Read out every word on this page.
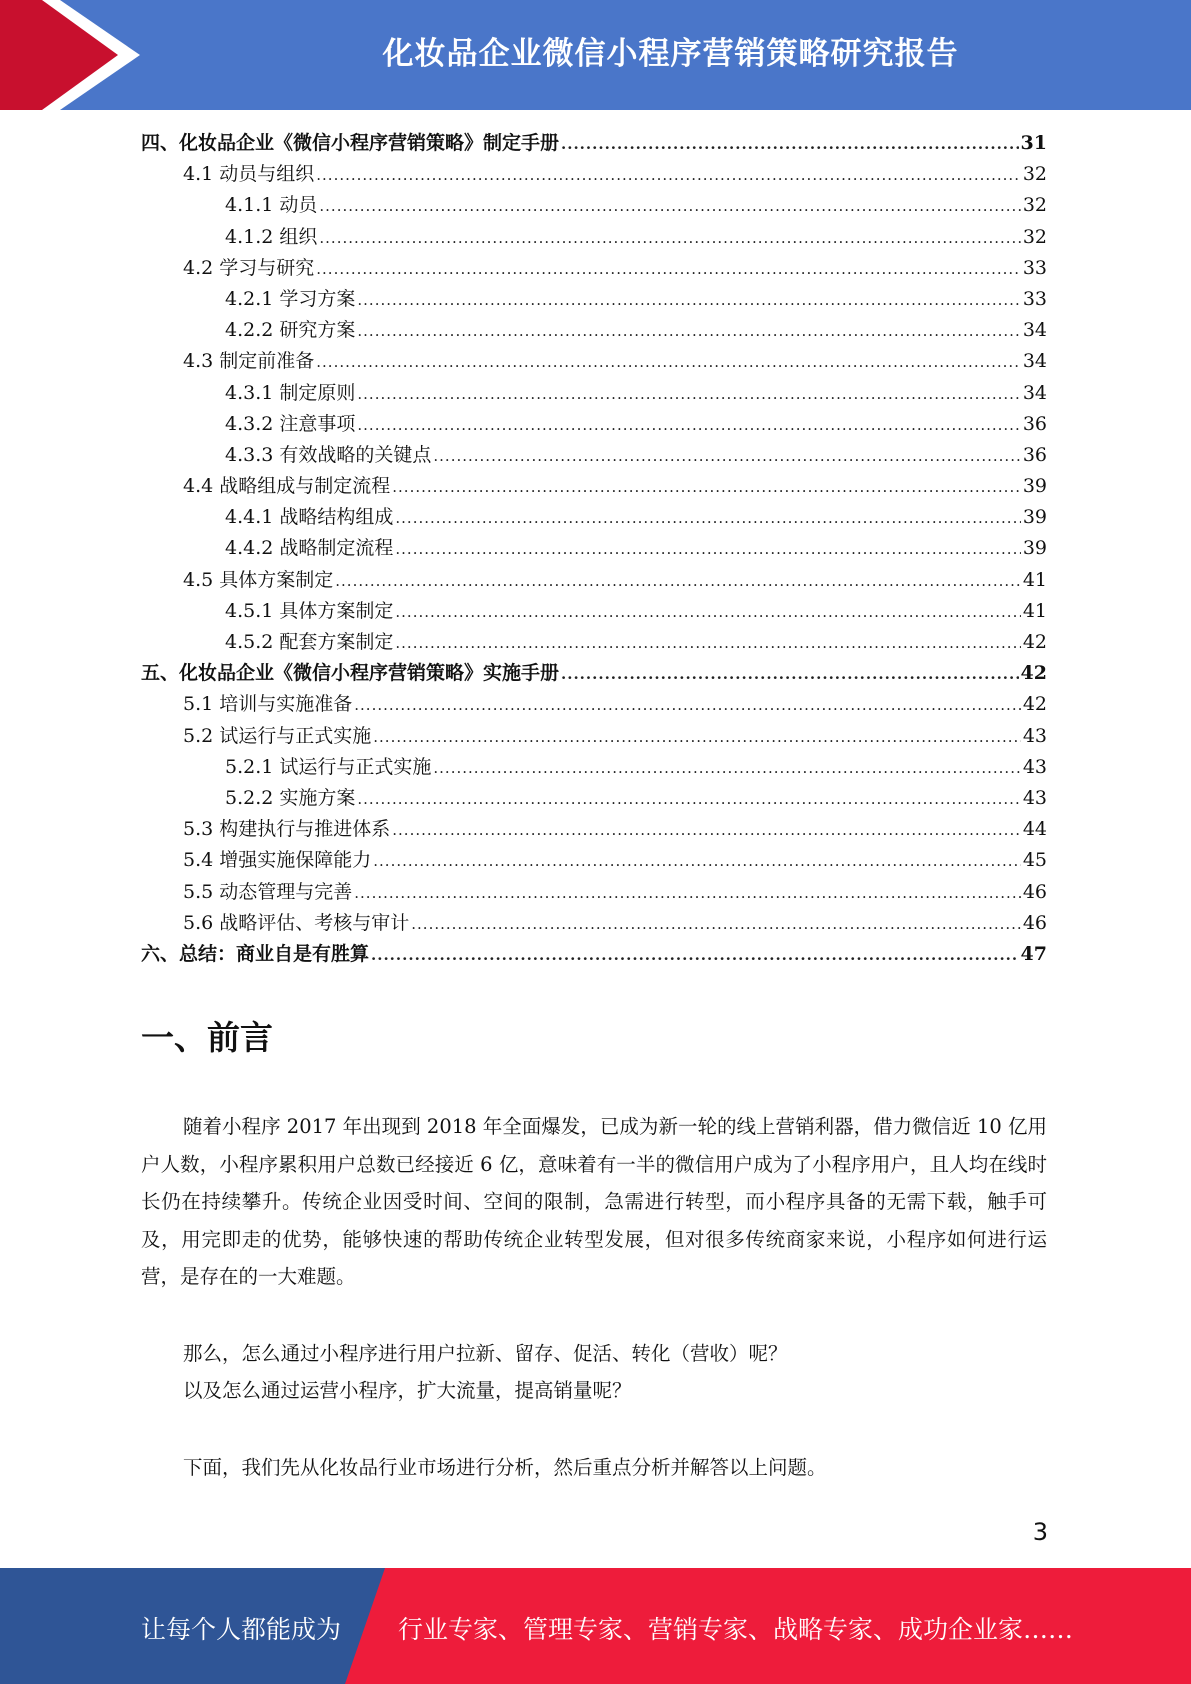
化妆品企业微信小程序营销策略研究报告
四、化妆品企业《微信小程序营销策略》制定手册 .....	31
4.1 动员与组织 .....	32
4.1.1 动员 .....	32
4.1.2 组织 .....	32
4.2 学习与研究 .....	33
4.2.1 学习方案 .....	33
4.2.2 研究方案 .....	34
4.3 制定前准备 .....	34
4.3.1 制定原则 .....	34
4.3.2 注意事项 .....	36
4.3.3 有效战略的关键点 .....	36
4.4 战略组成与制定流程 .....	39
4.4.1 战略结构组成 .....	39
4.4.2 战略制定流程 .....	39
4.5 具体方案制定 .....	41
4.5.1 具体方案制定 .....	41
4.5.2 配套方案制定 .....	42
五、化妆品企业《微信小程序营销策略》实施手册 .....	42
5.1 培训与实施准备 .....	42
5.2 试运行与正式实施 .....	43
5.2.1 试运行与正式实施 .....	43
5.2.2 实施方案 .....	43
5.3 构建执行与推进体系 .....	44
5.4 增强实施保障能力 .....	45
5.5 动态管理与完善 .....	46
5.6 战略评估、考核与审计 .....	46
六、总结：商业自是有胜算 .....	47
一、前言
随着小程序 2017 年出现到 2018 年全面爆发，已成为新一轮的线上营销利器，借力微信近 10 亿用户人数，小程序累积用户总数已经接近 6 亿，意味着有一半的微信用户成为了小程序用户，且人均在线时长仍在持续攀升。传统企业因受时间、空间的限制，急需进行转型，而小程序具备的无需下载，触手可及，用完即走的优势，能够快速的帮助传统企业转型发展，但对很多传统商家来说，小程序如何进行运营，是存在的一大难题。
那么，怎么通过小程序进行用户拉新、留存、促活、转化（营收）呢？
以及怎么通过运营小程序，扩大流量，提高销量呢？
下面，我们先从化妆品行业市场进行分析，然后重点分析并解答以上问题。
3
让每个人都能成为 行业专家、管理专家、营销专家、战略专家、成功企业家……
